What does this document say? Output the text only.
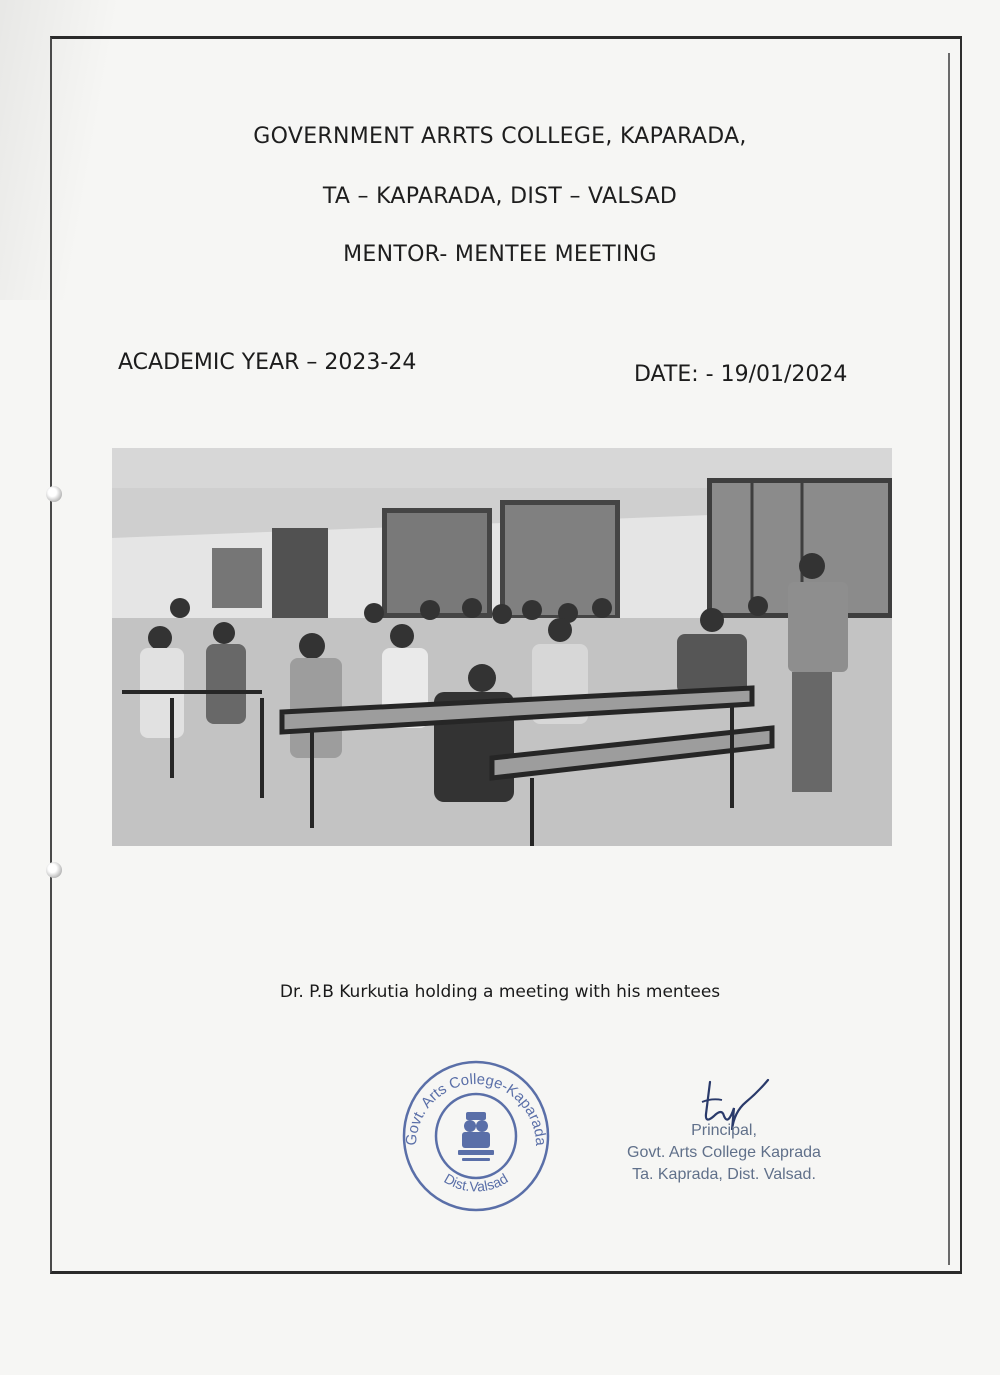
GOVERNMENT ARRTS COLLEGE, KAPARADA,
TA – KAPARADA, DIST – VALSAD
MENTOR- MENTEE MEETING
ACADEMIC YEAR – 2023-24	DATE: - 19/01/2024
Dr. P.B Kurkutia holding a meeting with his mentees
Govt. Arts College-Kaparada
Dist.Valsad
Principal,
Govt. Arts College Kaprada
Ta. Kaprada, Dist. Valsad.
